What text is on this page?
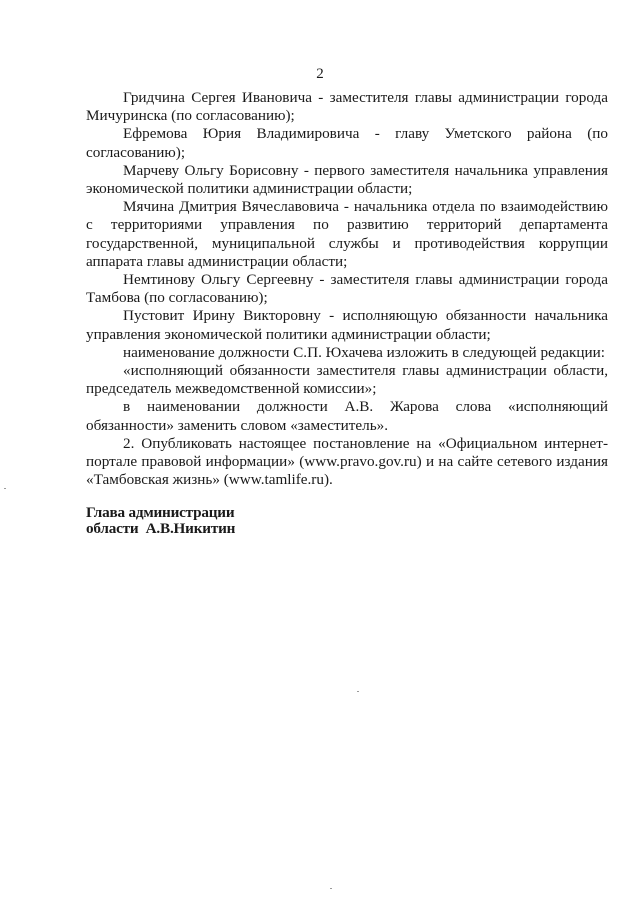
2

Гридчина Сергея Ивановича - заместителя главы администрации города Мичуринска (по согласованию);

Ефремова Юрия Владимировича - главу Уметского района (по согласованию);

Марчеву Ольгу Борисовну - первого заместителя начальника управления экономической политики администрации области;

Мячина Дмитрия Вячеславовича - начальника отдела по взаимодействию с территориями управления по развитию территорий департамента государственной, муниципальной службы и противодействия коррупции аппарата главы администрации области;

Немтинову Ольгу Сергеевну - заместителя главы администрации города Тамбова (по согласованию);

Пустовит Ирину Викторовну - исполняющую обязанности начальника управления экономической политики администрации области;

наименование должности С.П. Юхачева изложить в следующей редакции:

«исполняющий обязанности заместителя главы администрации области, председатель межведомственной комиссии»;

в наименовании должности А.В. Жарова слова «исполняющий обязанности» заменить словом «заместитель».

2. Опубликовать настоящее постановление на «Официальном интернет-портале правовой информации» (www.pravo.gov.ru) и на сайте сетевого издания «Тамбовская жизнь» (www.tamlife.ru).

Глава администрации
области  А.В.Никитин
